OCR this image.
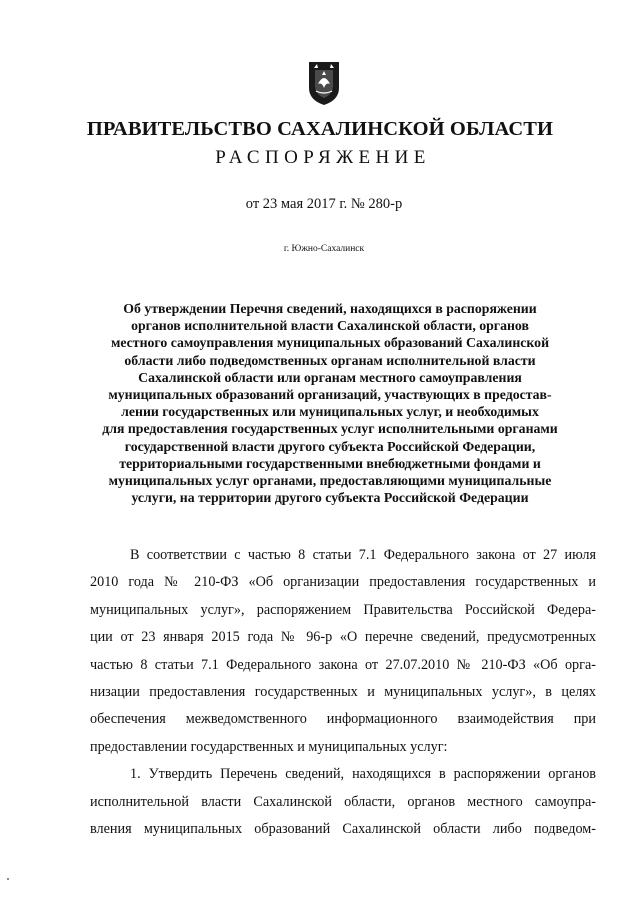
ПРАВИТЕЛЬСТВО САХАЛИНСКОЙ ОБЛАСТИ
РАСПОРЯЖЕНИЕ
от 23 мая 2017 г. № 280-р
г. Южно-Сахалинск
Об утверждении Перечня сведений, находящихся в распоряжении
органов исполнительной власти Сахалинской области, органов
местного самоуправления муниципальных образований Сахалинской
области либо подведомственных органам исполнительной власти
Сахалинской области или органам местного самоуправления
муниципальных образований организаций, участвующих в предостав-
лении государственных или муниципальных услуг, и необходимых
для предоставления государственных услуг исполнительными органами
государственной власти другого субъекта Российской Федерации,
территориальными государственными внебюджетными фондами и
муниципальных услуг органами, предоставляющими муниципальные
услуги, на территории другого субъекта Российской Федерации
В соответствии с частью 8 статьи 7.1 Федерального закона от 27 июля
2010 года № 210-ФЗ «Об организации предоставления государственных и
муниципальных услуг», распоряжением Правительства Российской Федера-
ции от 23 января 2015 года № 96-р «О перечне сведений, предусмотренных
частью 8 статьи 7.1 Федерального закона от 27.07.2010 № 210-ФЗ «Об орга-
низации предоставления государственных и муниципальных услуг», в целях
обеспечения межведомственного информационного взаимодействия при
предоставлении государственных и муниципальных услуг:
1. Утвердить Перечень сведений, находящихся в распоряжении органов
исполнительной власти Сахалинской области, органов местного самоупра-
вления муниципальных образований Сахалинской области либо подведом-
